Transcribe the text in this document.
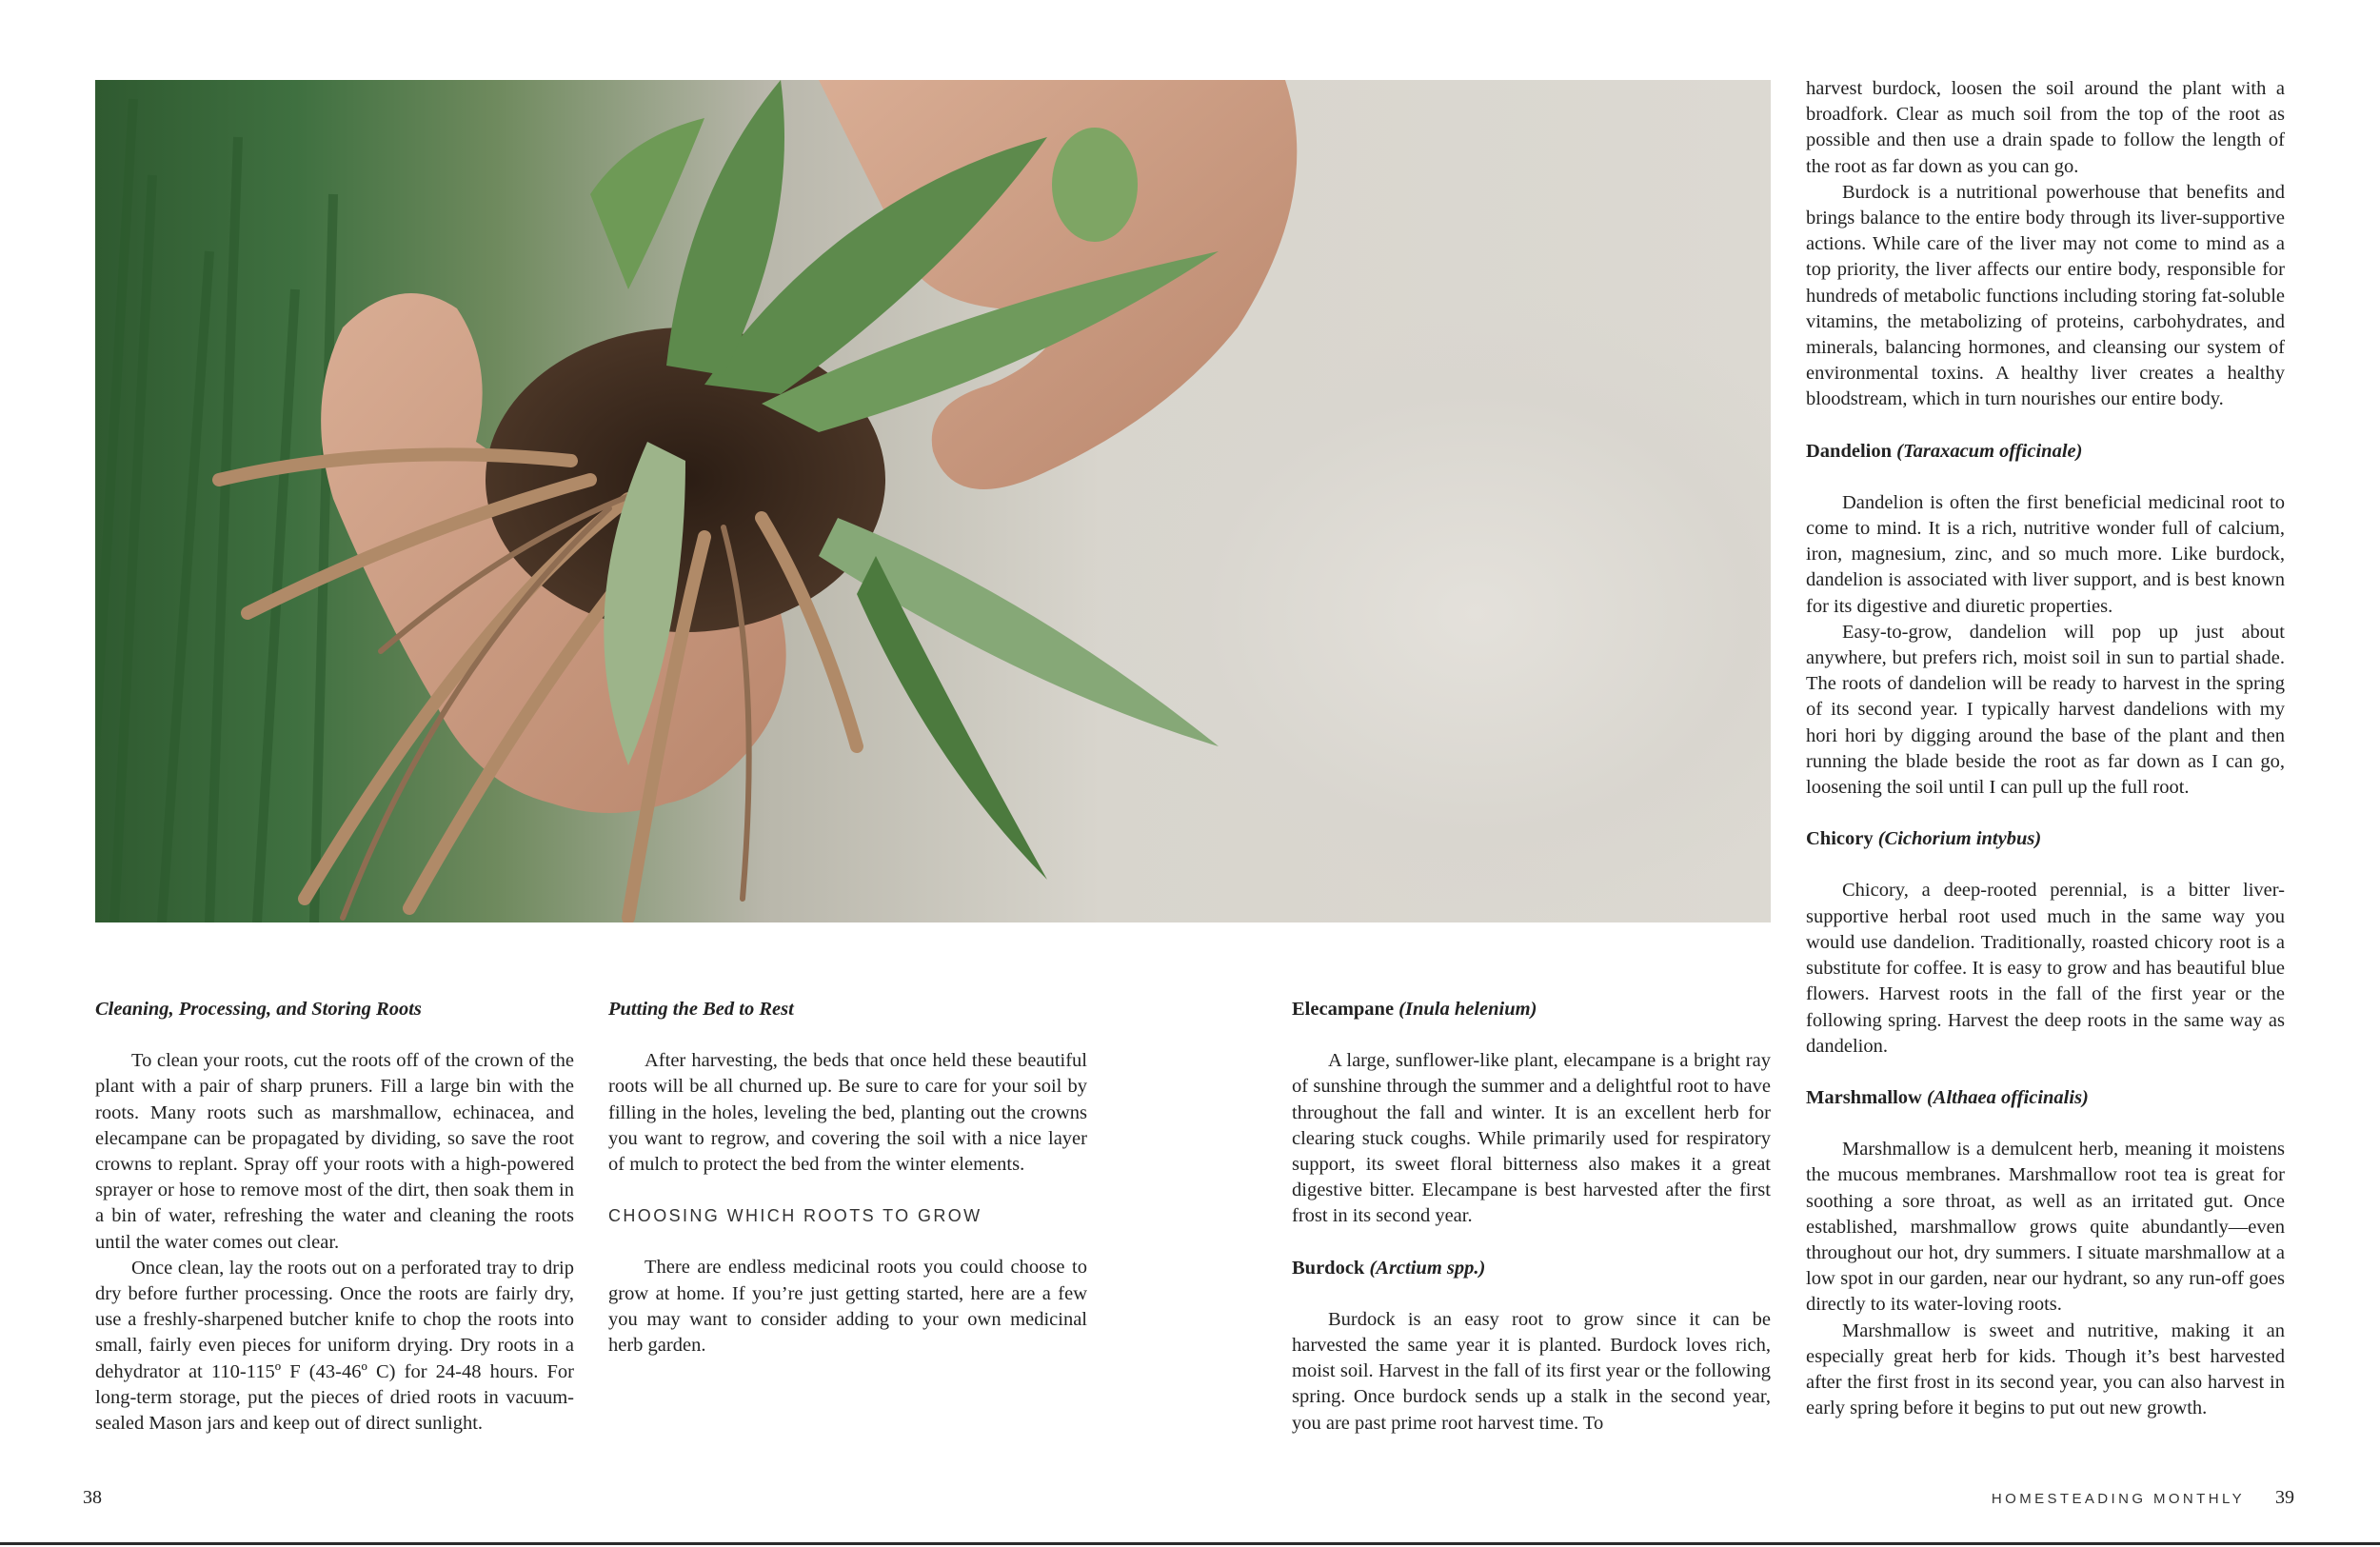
Cleaning, Processing, and Storing Roots

To clean your roots, cut the roots off of the crown of the plant with a pair of sharp pruners. Fill a large bin with the roots. Many roots such as marshmallow, echinacea, and elecampane can be propagated by dividing, so save the root crowns to replant. Spray off your roots with a high-powered sprayer or hose to remove most of the dirt, then soak them in a bin of water, refreshing the water and cleaning the roots until the water comes out clear.

Once clean, lay the roots out on a perforated tray to drip dry before further processing. Once the roots are fairly dry, use a freshly-sharpened butcher knife to chop the roots into small, fairly even pieces for uniform drying. Dry roots in a dehydrator at 110-115º F (43-46º C) for 24-48 hours. For long-term storage, put the pieces of dried roots in vacuum-sealed Mason jars and keep out of direct sunlight.

Putting the Bed to Rest

After harvesting, the beds that once held these beautiful roots will be all churned up. Be sure to care for your soil by filling in the holes, leveling the bed, planting out the crowns you want to regrow, and covering the soil with a nice layer of mulch to protect the bed from the winter elements.

CHOOSING WHICH ROOTS TO GROW

There are endless medicinal roots you could choose to grow at home. If you’re just getting started, here are a few you may want to consider adding to your own medicinal herb garden.

Elecampane (Inula helenium)

A large, sunflower-like plant, elecampane is a bright ray of sunshine through the summer and a delightful root to have throughout the fall and winter. It is an excellent herb for clearing stuck coughs. While primarily used for respiratory support, its sweet floral bitterness also makes it a great digestive bitter. Elecampane is best harvested after the first frost in its second year.

Burdock (Arctium spp.)

Burdock is an easy root to grow since it can be harvested the same year it is planted. Burdock loves rich, moist soil. Harvest in the fall of its first year or the following spring. Once burdock sends up a stalk in the second year, you are past prime root harvest time. To

harvest burdock, loosen the soil around the plant with a broadfork. Clear as much soil from the top of the root as possible and then use a drain spade to follow the length of the root as far down as you can go.

Burdock is a nutritional powerhouse that benefits and brings balance to the entire body through its liver-supportive actions. While care of the liver may not come to mind as a top priority, the liver affects our entire body, responsible for hundreds of metabolic functions including storing fat-soluble vitamins, the metabolizing of proteins, carbohydrates, and minerals, balancing hormones, and cleansing our system of environmental toxins. A healthy liver creates a healthy bloodstream, which in turn nourishes our entire body.

Dandelion (Taraxacum officinale)

Dandelion is often the first beneficial medicinal root to come to mind. It is a rich, nutritive wonder full of calcium, iron, magnesium, zinc, and so much more. Like burdock, dandelion is associated with liver support, and is best known for its digestive and diuretic properties.

Easy-to-grow, dandelion will pop up just about anywhere, but prefers rich, moist soil in sun to partial shade. The roots of dandelion will be ready to harvest in the spring of its second year. I typically harvest dandelions with my hori hori by digging around the base of the plant and then running the blade beside the root as far down as I can go, loosening the soil until I can pull up the full root.

Chicory (Cichorium intybus)

Chicory, a deep-rooted perennial, is a bitter liver-supportive herbal root used much in the same way you would use dandelion. Traditionally, roasted chicory root is a substitute for coffee. It is easy to grow and has beautiful blue flowers. Harvest roots in the fall of the first year or the following spring. Harvest the deep roots in the same way as dandelion.

Marshmallow (Althaea officinalis)

Marshmallow is a demulcent herb, meaning it moistens the mucous membranes. Marshmallow root tea is great for soothing a sore throat, as well as an irritated gut. Once established, marshmallow grows quite abundantly—even throughout our hot, dry summers. I situate marshmallow at a low spot in our garden, near our hydrant, so any run-off goes directly to its water-loving roots.

Marshmallow is sweet and nutritive, making it an especially great herb for kids. Though it’s best harvested after the first frost in its second year, you can also harvest in early spring before it begins to put out new growth.

38	HOMESTEADING MONTHLY 39
